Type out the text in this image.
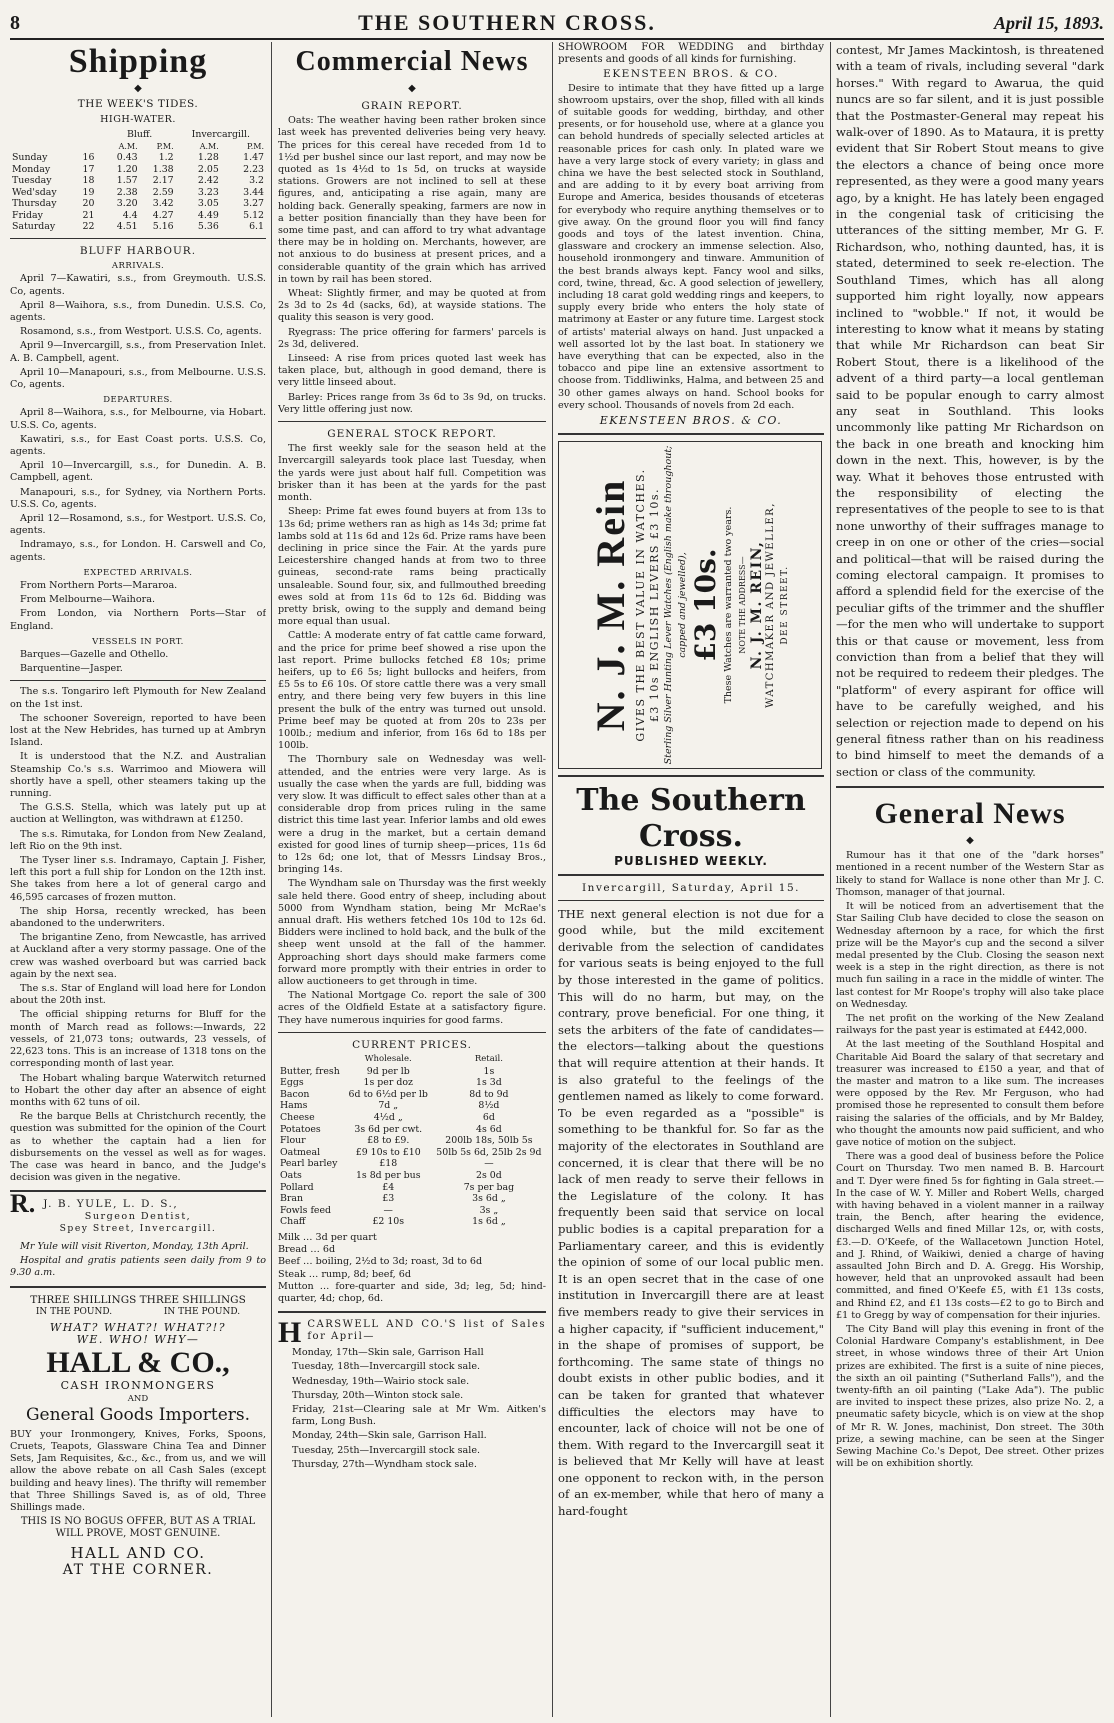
8	THE SOUTHERN CROSS.	April 15, 1893.
Shipping
◆
THE WEEK'S TIDES.
HIGH-WATER.
		Bluff.		Invercargill.	
		A.M.	P.M.	A.M.	P.M.
Sunday	16	0.43	1.2	1.28	1.47
Monday	17	1.20	1.38	2.05	2.23
Tuesday	18	1.57	2.17	2.42	3.2
Wed'sday	19	2.38	2.59	3.23	3.44
Thursday	20	3.20	3.42	3.05	3.27
Friday	21	4.4	4.27	4.49	5.12
Saturday	22	4.51	5.16	5.36	6.1
BLUFF HARBOUR.
ARRIVALS.

April 7—Kawatiri, s.s., from Greymouth. U.S.S. Co, agents.

April 8—Waihora, s.s., from Dunedin. U.S.S. Co, agents.

Rosamond, s.s., from Westport. U.S.S. Co, agents.

April 9—Invercargill, s.s., from Preservation Inlet. A. B. Campbell, agent.

April 10—Manapouri, s.s., from Melbourne. U.S.S. Co, agents.

DEPARTURES.

April 8—Waihora, s.s., for Melbourne, via Hobart. U.S.S. Co, agents.

Kawatiri, s.s., for East Coast ports. U.S.S. Co, agents.

April 10—Invercargill, s.s., for Dunedin. A. B. Campbell, agent.

Manapouri, s.s., for Sydney, via Northern Ports. U.S.S. Co, agents.

April 12—Rosamond, s.s., for Westport. U.S.S. Co, agents.

Indramayo, s.s., for London. H. Carswell and Co, agents.

EXPECTED ARRIVALS.

From Northern Ports—Mararoa.

From Melbourne—Waihora.

From London, via Northern Ports—Star of England.

VESSELS IN PORT.

Barques—Gazelle and Othello.

Barquentine—Jasper.

The s.s. Tongariro left Plymouth for New Zealand on the 1st inst.

The schooner Sovereign, reported to have been lost at the New Hebrides, has turned up at Ambryn Island.

It is understood that the N.Z. and Australian Steamship Co.'s s.s. Warrimoo and Miowera will shortly have a spell, other steamers taking up the running.

The G.S.S. Stella, which was lately put up at auction at Wellington, was withdrawn at £1250.

The s.s. Rimutaka, for London from New Zealand, left Rio on the 9th inst.

The Tyser liner s.s. Indramayo, Captain J. Fisher, left this port a full ship for London on the 12th inst. She takes from here a lot of general cargo and 46,595 carcases of frozen mutton.

The ship Horsa, recently wrecked, has been abandoned to the underwriters.

The brigantine Zeno, from Newcastle, has arrived at Auckland after a very stormy passage. One of the crew was washed overboard but was carried back again by the next sea.

The s.s. Star of England will load here for London about the 20th inst.

The official shipping returns for Bluff for the month of March read as follows:—Inwards, 22 vessels, of 21,073 tons; outwards, 23 vessels, of 22,623 tons. This is an increase of 1318 tons on the corresponding month of last year.

The Hobart whaling barque Waterwitch returned to Hobart the other day after an absence of eight months with 62 tuns of oil.

Re the barque Bells at Christchurch recently, the question was submitted for the opinion of the Court as to whether the captain had a lien for disbursements on the vessel as well as for wages. The case was heard in banco, and the Judge's decision was given in the negative.

R. J. B. YULE, L. D. S.,
Surgeon Dentist,
Spey Street, Invercargill.

Mr Yule will visit Riverton, Monday, 13th April.

Hospital and gratis patients seen daily from 9 to 9.30 a.m.

THREE SHILLINGS THREE SHILLINGS
IN THE POUND.	IN THE POUND.
WHAT? WHAT?! WHAT?!?
WE. WHO! WHY—
HALL & CO.,
CASH IRONMONGERS
AND
General Goods Importers.

BUY your Ironmongery, Knives, Forks, Spoons, Cruets, Teapots, Glassware China Tea and Dinner Sets, Jam Requisites, &c., &c., from us, and we will allow the above rebate on all Cash Sales (except building and heavy lines). The thrifty will remember that Three Shillings Saved is, as of old, Three Shillings made.

THIS IS NO BOGUS OFFER, BUT AS A TRIAL WILL PROVE, MOST GENUINE.
HALL AND CO.
AT THE CORNER.
Commercial News
◆
GRAIN REPORT.

Oats: The weather having been rather broken since last week has prevented deliveries being very heavy. The prices for this cereal have receded from 1d to 1½d per bushel since our last report, and may now be quoted as 1s 4½d to 1s 5d, on trucks at wayside stations. Growers are not inclined to sell at these figures, and, anticipating a rise again, many are holding back. Generally speaking, farmers are now in a better position financially than they have been for some time past, and can afford to try what advantage there may be in holding on. Merchants, however, are not anxious to do business at present prices, and a considerable quantity of the grain which has arrived in town by rail has been stored.

Wheat: Slightly firmer, and may be quoted at from 2s 3d to 2s 4d (sacks, 6d), at wayside stations. The quality this season is very good.

Ryegrass: The price offering for farmers' parcels is 2s 3d, delivered.

Linseed: A rise from prices quoted last week has taken place, but, although in good demand, there is very little linseed about.

Barley: Prices range from 3s 6d to 3s 9d, on trucks. Very little offering just now.

GENERAL STOCK REPORT.

The first weekly sale for the season held at the Invercargill saleyards took place last Tuesday, when the yards were just about half full. Competition was brisker than it has been at the yards for the past month.

Sheep: Prime fat ewes found buyers at from 13s to 13s 6d; prime wethers ran as high as 14s 3d; prime fat lambs sold at 11s 6d and 12s 6d. Prize rams have been declining in price since the Fair. At the yards pure Leicestershire changed hands at from two to three guineas, second-rate rams being practically unsaleable. Sound four, six, and fullmouthed breeding ewes sold at from 11s 6d to 12s 6d. Bidding was pretty brisk, owing to the supply and demand being more equal than usual.

Cattle: A moderate entry of fat cattle came forward, and the price for prime beef showed a rise upon the last report. Prime bullocks fetched £8 10s; prime heifers, up to £6 5s; light bullocks and heifers, from £5 5s to £6 10s. Of store cattle there was a very small entry, and there being very few buyers in this line present the bulk of the entry was turned out unsold. Prime beef may be quoted at from 20s to 23s per 100lb.; medium and inferior, from 16s 6d to 18s per 100lb.

The Thornbury sale on Wednesday was well-attended, and the entries were very large. As is usually the case when the yards are full, bidding was very slow. It was difficult to effect sales other than at a considerable drop from prices ruling in the same district this time last year. Inferior lambs and old ewes were a drug in the market, but a certain demand existed for good lines of turnip sheep—prices, 11s 6d to 12s 6d; one lot, that of Messrs Lindsay Bros., bringing 14s.

The Wyndham sale on Thursday was the first weekly sale held there. Good entry of sheep, including about 5000 from Wyndham station, being Mr McRae's annual draft. His wethers fetched 10s 10d to 12s 6d. Bidders were inclined to hold back, and the bulk of the sheep went unsold at the fall of the hammer. Approaching short days should make farmers come forward more promptly with their entries in order to allow auctioneers to get through in time.

The National Mortgage Co. report the sale of 300 acres of the Oldfield Estate at a satisfactory figure. They have numerous inquiries for good farms.

CURRENT PRICES.
	Wholesale.	Retail.
Butter, fresh	9d per lb	1s
Eggs	1s per doz	1s 3d
Bacon	6d to 6½d per lb	8d to 9d
Hams	7d „	8½d
Cheese	4½d „	6d
Potatoes	3s 6d per cwt.	4s 6d
Flour	£8 to £9.	200lb 18s, 50lb 5s
Oatmeal	£9 10s to £10	50lb 5s 6d, 25lb 2s 9d
Pearl barley	£18	—
Oats	1s 8d per bus	2s 0d
Pollard	£4	7s per bag
Bran	£3	3s 6d „
Fowls feed	—	3s „
Chaff	£2 10s	1s 6d „
Milk … 3d per quart
Bread … 6d
Beef … boiling, 2½d to 3d; roast, 3d to 6d
Steak … rump, 8d; beef, 6d
Mutton … fore-quarter and side, 3d; leg, 5d; hind-quarter, 4d; chop, 6d.
H CARSWELL AND CO.'S list of Sales for April—

Monday, 17th—Skin sale, Garrison Hall

Tuesday, 18th—Invercargill stock sale.

Wednesday, 19th—Wairio stock sale.

Thursday, 20th—Winton stock sale.

Friday, 21st—Clearing sale at Mr Wm. Aitken's farm, Long Bush.

Monday, 24th—Skin sale, Garrison Hall.

Tuesday, 25th—Invercargill stock sale.

Thursday, 27th—Wyndham stock sale.

SHOWROOM FOR WEDDING and birthday presents and goods of all kinds for furnishing.

EKENSTEEN BROS. & CO.

Desire to intimate that they have fitted up a large showroom upstairs, over the shop, filled with all kinds of suitable goods for wedding, birthday, and other presents, or for household use, where at a glance you can behold hundreds of specially selected articles at reasonable prices for cash only. In plated ware we have a very large stock of every variety; in glass and china we have the best selected stock in Southland, and are adding to it by every boat arriving from Europe and America, besides thousands of etceteras for everybody who require anything themselves or to give away. On the ground floor you will find fancy goods and toys of the latest invention. China, glassware and crockery an immense selection. Also, household ironmongery and tinware. Ammunition of the best brands always kept. Fancy wool and silks, cord, twine, thread, &c. A good selection of jewellery, including 18 carat gold wedding rings and keepers, to supply every bride who enters the holy state of matrimony at Easter or any future time. Largest stock of artists' material always on hand. Just unpacked a well assorted lot by the last boat. In stationery we have everything that can be expected, also in the tobacco and pipe line an extensive assortment to choose from. Tiddliwinks, Halma, and between 25 and 30 other games always on hand. School books for every school. Thousands of novels from 2d each.

EKENSTEEN BROS. & CO.
N. J. M. Rein GIVES THE BEST VALUE IN WATCHES. £3 10s ENGLISH LEVERS £3 10s. Sterling Silver Hunting Lever Watches (English make throughout; capped and jewelled), £3 10s. These Watches are warranted two years. NOTE THE ADDRESS— N. J. M. REIN, WATCHMAKER AND JEWELLER, DEE STREET.
The Southern Cross.
PUBLISHED WEEKLY.
Invercargill, Saturday, April 15.

THE next general election is not due for a good while, but the mild excitement derivable from the selection of candidates for various seats is being enjoyed to the full by those interested in the game of politics. This will do no harm, but may, on the contrary, prove beneficial. For one thing, it sets the arbiters of the fate of candidates—the electors—talking about the questions that will require attention at their hands. It is also grateful to the feelings of the gentlemen named as likely to come forward. To be even regarded as a "possible" is something to be thankful for. So far as the majority of the electorates in Southland are concerned, it is clear that there will be no lack of men ready to serve their fellows in the Legislature of the colony. It has frequently been said that service on local public bodies is a capital preparation for a Parliamentary career, and this is evidently the opinion of some of our local public men. It is an open secret that in the case of one institution in Invercargill there are at least five members ready to give their services in a higher capacity, if "sufficient inducement," in the shape of promises of support, be forthcoming. The same state of things no doubt exists in other public bodies, and it can be taken for granted that whatever difficulties the electors may have to encounter, lack of choice will not be one of them. With regard to the Invercargill seat it is believed that Mr Kelly will have at least one opponent to reckon with, in the person of an ex-member, while that hero of many a hard-fought

contest, Mr James Mackintosh, is threatened with a team of rivals, including several "dark horses." With regard to Awarua, the quid nuncs are so far silent, and it is just possible that the Postmaster-General may repeat his walk-over of 1890. As to Mataura, it is pretty evident that Sir Robert Stout means to give the electors a chance of being once more represented, as they were a good many years ago, by a knight. He has lately been engaged in the congenial task of criticising the utterances of the sitting member, Mr G. F. Richardson, who, nothing daunted, has, it is stated, determined to seek re-election. The Southland Times, which has all along supported him right loyally, now appears inclined to "wobble." If not, it would be interesting to know what it means by stating that while Mr Richardson can beat Sir Robert Stout, there is a likelihood of the advent of a third party—a local gentleman said to be popular enough to carry almost any seat in Southland. This looks uncommonly like patting Mr Richardson on the back in one breath and knocking him down in the next. This, however, is by the way. What it behoves those entrusted with the responsibility of electing the representatives of the people to see to is that none unworthy of their suffrages manage to creep in on one or other of the cries—social and political—that will be raised during the coming electoral campaign. It promises to afford a splendid field for the exercise of the peculiar gifts of the trimmer and the shuffler—for the men who will undertake to support this or that cause or movement, less from conviction than from a belief that they will not be required to redeem their pledges. The "platform" of every aspirant for office will have to be carefully weighed, and his selection or rejection made to depend on his general fitness rather than on his readiness to bind himself to meet the demands of a section or class of the community.

General News
◆

Rumour has it that one of the "dark horses" mentioned in a recent number of the Western Star as likely to stand for Wallace is none other than Mr J. C. Thomson, manager of that journal.

It will be noticed from an advertisement that the Star Sailing Club have decided to close the season on Wednesday afternoon by a race, for which the first prize will be the Mayor's cup and the second a silver medal presented by the Club. Closing the season next week is a step in the right direction, as there is not much fun sailing in a race in the middle of winter. The last contest for Mr Roope's trophy will also take place on Wednesday.

The net profit on the working of the New Zealand railways for the past year is estimated at £442,000.

At the last meeting of the Southland Hospital and Charitable Aid Board the salary of that secretary and treasurer was increased to £150 a year, and that of the master and matron to a like sum. The increases were opposed by the Rev. Mr Ferguson, who had promised those he represented to consult them before raising the salaries of the officials, and by Mr Baldey, who thought the amounts now paid sufficient, and who gave notice of motion on the subject.

There was a good deal of business before the Police Court on Thursday. Two men named B. B. Harcourt and T. Dyer were fined 5s for fighting in Gala street.—In the case of W. Y. Miller and Robert Wells, charged with having behaved in a violent manner in a railway train, the Bench, after hearing the evidence, discharged Wells and fined Millar 12s, or, with costs, £3.—D. O'Keefe, of the Wallacetown Junction Hotel, and J. Rhind, of Waikiwi, denied a charge of having assaulted John Birch and D. A. Gregg. His Worship, however, held that an unprovoked assault had been committed, and fined O'Keefe £5, with £1 13s costs, and Rhind £2, and £1 13s costs—£2 to go to Birch and £1 to Gregg by way of compensation for their injuries.

The City Band will play this evening in front of the Colonial Hardware Company's establishment, in Dee street, in whose windows three of their Art Union prizes are exhibited. The first is a suite of nine pieces, the sixth an oil painting ("Sutherland Falls"), and the twenty-fifth an oil painting ("Lake Ada"). The public are invited to inspect these prizes, also prize No. 2, a pneumatic safety bicycle, which is on view at the shop of Mr R. W. Jones, machinist, Don street. The 30th prize, a sewing machine, can be seen at the Singer Sewing Machine Co.'s Depot, Dee street. Other prizes will be on exhibition shortly.
